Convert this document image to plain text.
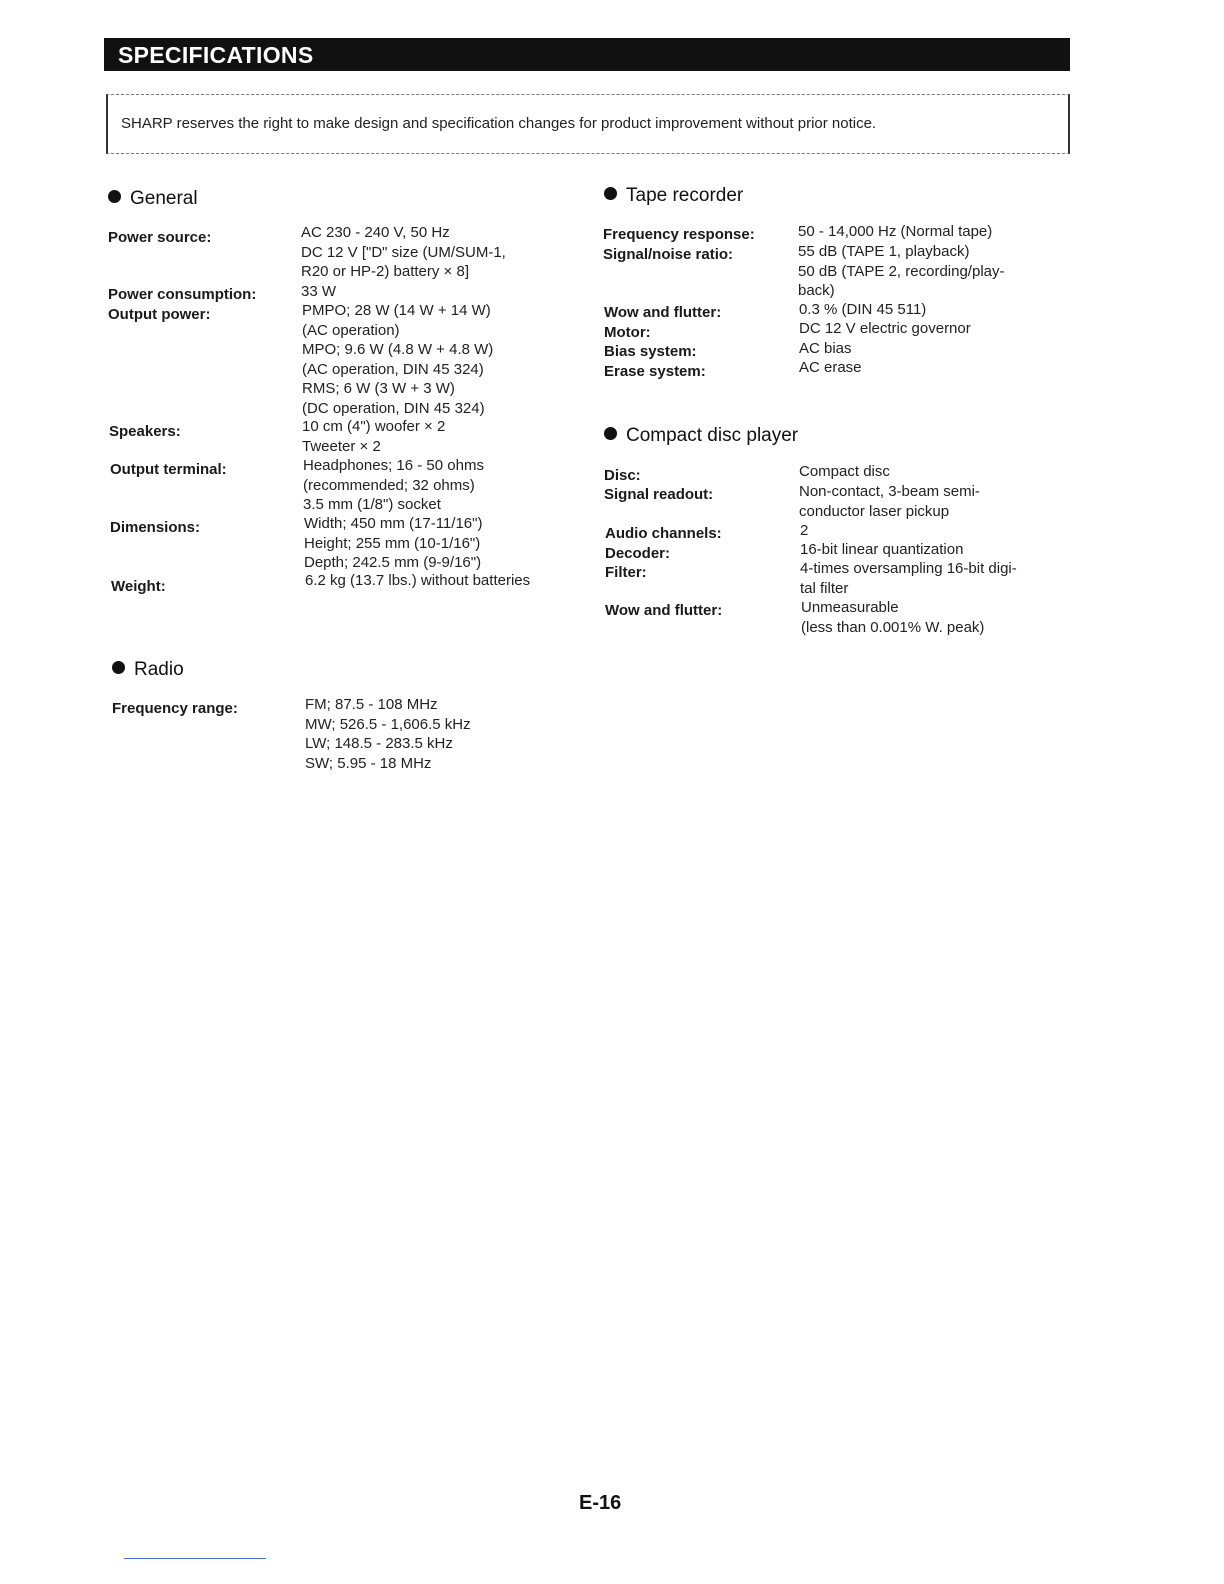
SPECIFICATIONS
SHARP reserves the right to make design and specification changes for product improvement without prior notice.
General
Power source:	AC 230 - 240 V, 50 Hz
DC 12 V ["D" size (UM/SUM-1,
R20 or HP-2) battery × 8]
Power consumption:	33 W
Output power:	PMPO; 28 W (14 W + 14 W)
(AC operation)
MPO; 9.6 W (4.8 W + 4.8 W)
(AC operation, DIN 45 324)
RMS; 6 W (3 W + 3 W)
(DC operation, DIN 45 324)
Speakers:	10 cm (4") woofer × 2
Tweeter × 2
Output terminal:	Headphones; 16 - 50 ohms
(recommended; 32 ohms)
3.5 mm (1/8") socket
Dimensions:	Width; 450 mm (17-11/16")
Height; 255 mm (10-1/16")
Depth; 242.5 mm (9-9/16")
Weight:	6.2 kg (13.7 lbs.) without batteries
Radio
Frequency range:	FM; 87.5 - 108 MHz
MW; 526.5 - 1,606.5 kHz
LW; 148.5 - 283.5 kHz
SW; 5.95 - 18 MHz
Tape recorder
Frequency response:	50 - 14,000 Hz (Normal tape)
Signal/noise ratio:	55 dB (TAPE 1, playback)
50 dB (TAPE 2, recording/play-
back)
Wow and flutter:	0.3 % (DIN 45 511)
Motor:	DC 12 V electric governor
Bias system:	AC bias
Erase system:	AC erase
Compact disc player
Disc:	Compact disc
Signal readout:	Non-contact, 3-beam semi-
conductor laser pickup
Audio channels:	2
Decoder:	16-bit linear quantization
Filter:	4-times oversampling 16-bit digi-
tal filter
Wow and flutter:	Unmeasurable
(less than 0.001% W. peak)
E-16
